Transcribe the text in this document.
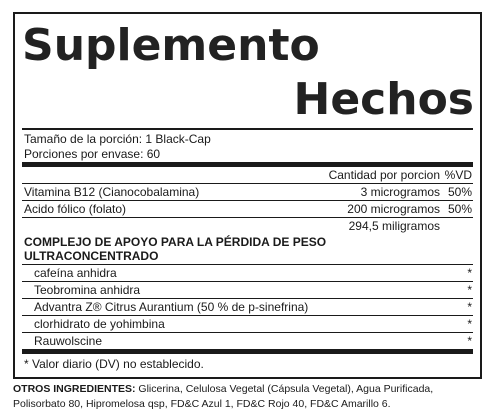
Suplemento
Hechos
Tamaño de la porción: 1 Black-Cap
Porciones por envase: 60
Cantidad por porcion %VD
Vitamina B12 (Cianocobalamina)	3 microgramos 50%
Acido fólico (folato)	200 microgramos 50%
294,5 miligramos
COMPLEJO DE APOYO PARA LA PÉRDIDA DE PESO
ULTRACONCENTRADO
cafeína anhidra	*
Teobromina anhidra	*
Advantra Z® Citrus Aurantium (50 % de p-sinefrina)	*
clorhidrato de yohimbina	*
Rauwolscine	*
* Valor diario (DV) no establecido.
OTROS INGREDIENTES: Glicerina, Celulosa Vegetal (Cápsula Vegetal), Agua Purificada, Polisorbato 80, Hipromelosa qsp, FD&C Azul 1, FD&C Rojo 40, FD&C Amarillo 6.
